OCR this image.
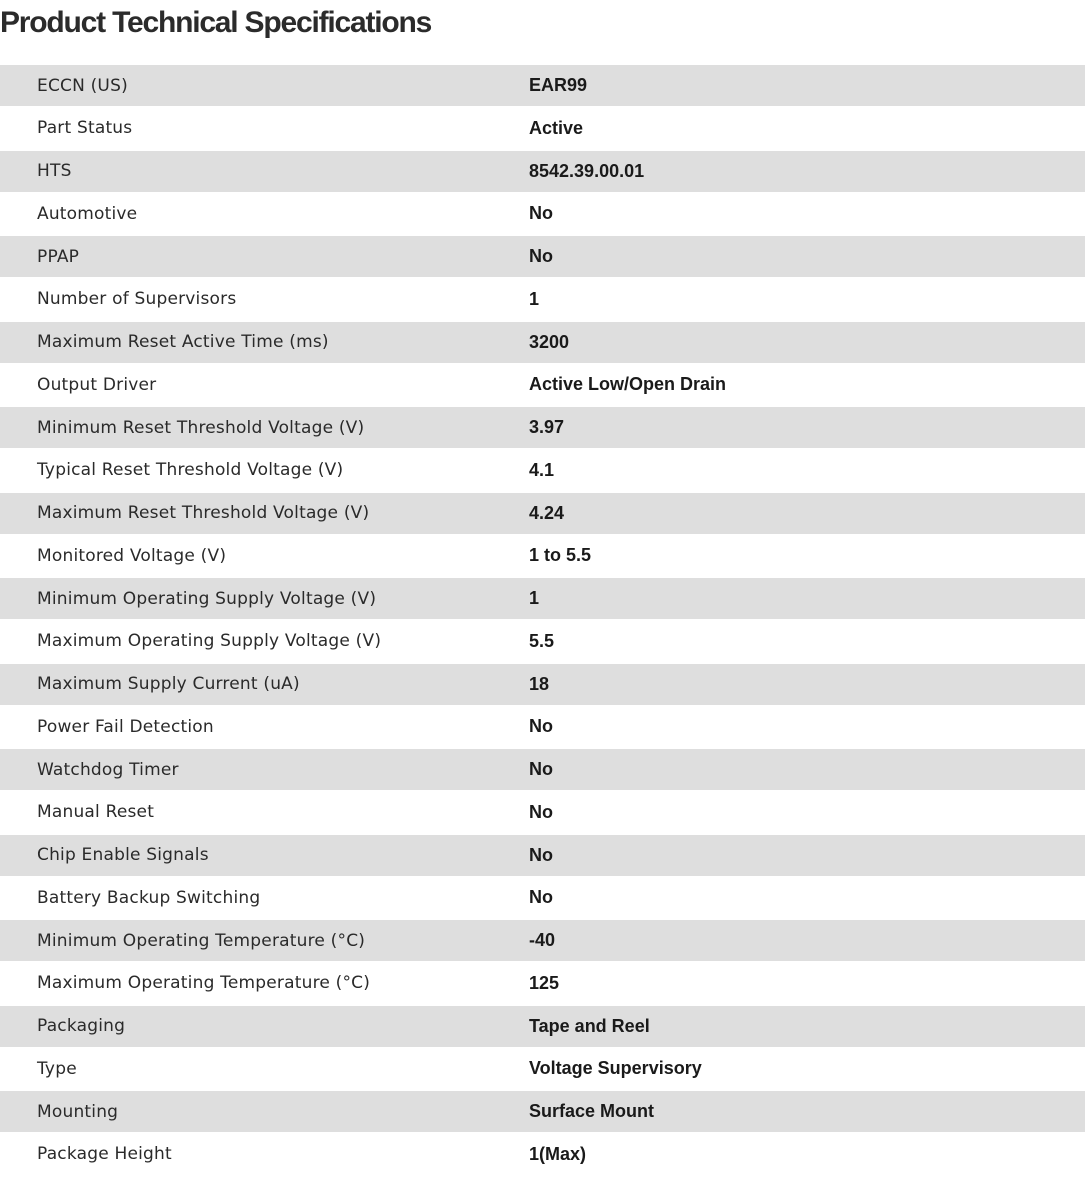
Product Technical Specifications
ECCN (US)	EAR99
Part Status	Active
HTS	8542.39.00.01
Automotive	No
PPAP	No
Number of Supervisors	1
Maximum Reset Active Time (ms)	3200
Output Driver	Active Low/Open Drain
Minimum Reset Threshold Voltage (V)	3.97
Typical Reset Threshold Voltage (V)	4.1
Maximum Reset Threshold Voltage (V)	4.24
Monitored Voltage (V)	1 to 5.5
Minimum Operating Supply Voltage (V)	1
Maximum Operating Supply Voltage (V)	5.5
Maximum Supply Current (uA)	18
Power Fail Detection	No
Watchdog Timer	No
Manual Reset	No
Chip Enable Signals	No
Battery Backup Switching	No
Minimum Operating Temperature (°C)	-40
Maximum Operating Temperature (°C)	125
Packaging	Tape and Reel
Type	Voltage Supervisory
Mounting	Surface Mount
Package Height	1(Max)
